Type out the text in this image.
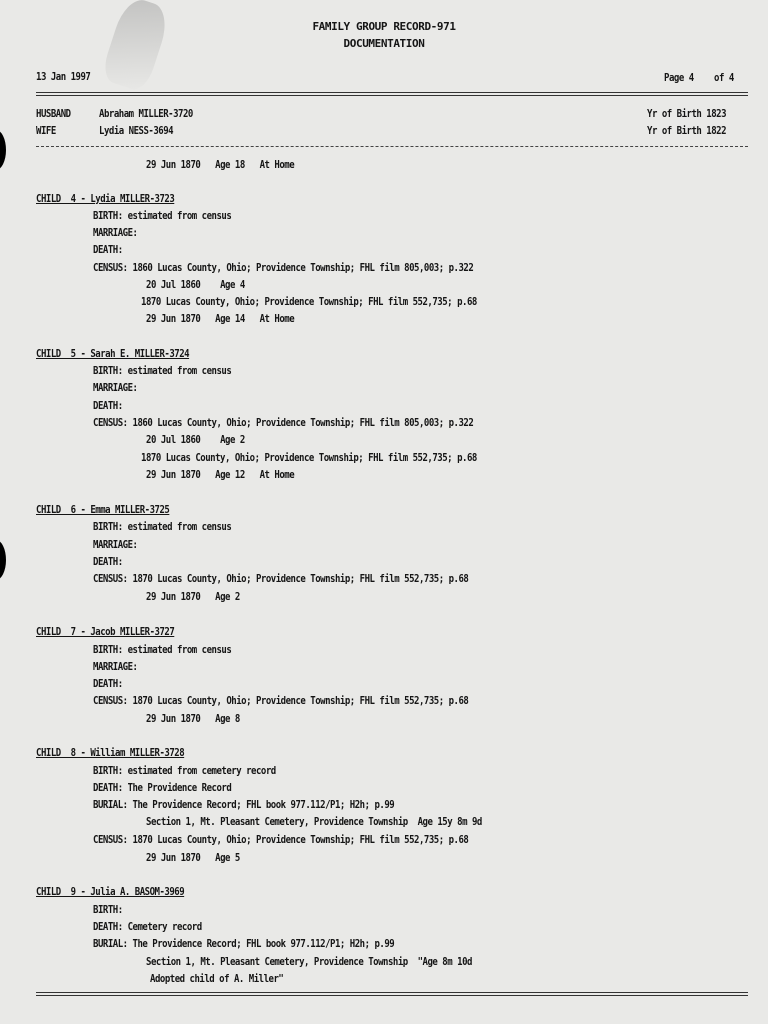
FAMILY GROUP RECORD-971
DOCUMENTATION
13 Jan 1997	Page 4 of 4
HUSBAND	Abraham MILLER-3720	Yr of Birth 1823
WIFE	Lydia NESS-3694	Yr of Birth 1822
29 Jun 1870   Age 18   At Home
CHILD  4 - Lydia MILLER-3723
BIRTH: estimated from census
MARRIAGE:
DEATH:
CENSUS: 1860 Lucas County, Ohio; Providence Township; FHL film 805,003; p.322
20 Jul 1860    Age 4
1870 Lucas County, Ohio; Providence Township; FHL film 552,735; p.68
29 Jun 1870   Age 14   At Home
CHILD  5 - Sarah E. MILLER-3724
BIRTH: estimated from census
MARRIAGE:
DEATH:
CENSUS: 1860 Lucas County, Ohio; Providence Township; FHL film 805,003; p.322
20 Jul 1860    Age 2
1870 Lucas County, Ohio; Providence Township; FHL film 552,735; p.68
29 Jun 1870   Age 12   At Home
CHILD  6 - Emma MILLER-3725
BIRTH: estimated from census
MARRIAGE:
DEATH:
CENSUS: 1870 Lucas County, Ohio; Providence Township; FHL film 552,735; p.68
29 Jun 1870   Age 2
CHILD  7 - Jacob MILLER-3727
BIRTH: estimated from census
MARRIAGE:
DEATH:
CENSUS: 1870 Lucas County, Ohio; Providence Township; FHL film 552,735; p.68
29 Jun 1870   Age 8
CHILD  8 - William MILLER-3728
BIRTH: estimated from cemetery record
DEATH: The Providence Record
BURIAL: The Providence Record; FHL book 977.112/P1; H2h; p.99
Section 1, Mt. Pleasant Cemetery, Providence Township  Age 15y 8m 9d
CENSUS: 1870 Lucas County, Ohio; Providence Township; FHL film 552,735; p.68
29 Jun 1870   Age 5
CHILD  9 - Julia A. BASOM-3969
BIRTH:
DEATH: Cemetery record
BURIAL: The Providence Record; FHL book 977.112/P1; H2h; p.99
Section 1, Mt. Pleasant Cemetery, Providence Township  "Age 8m 10d
Adopted child of A. Miller"
